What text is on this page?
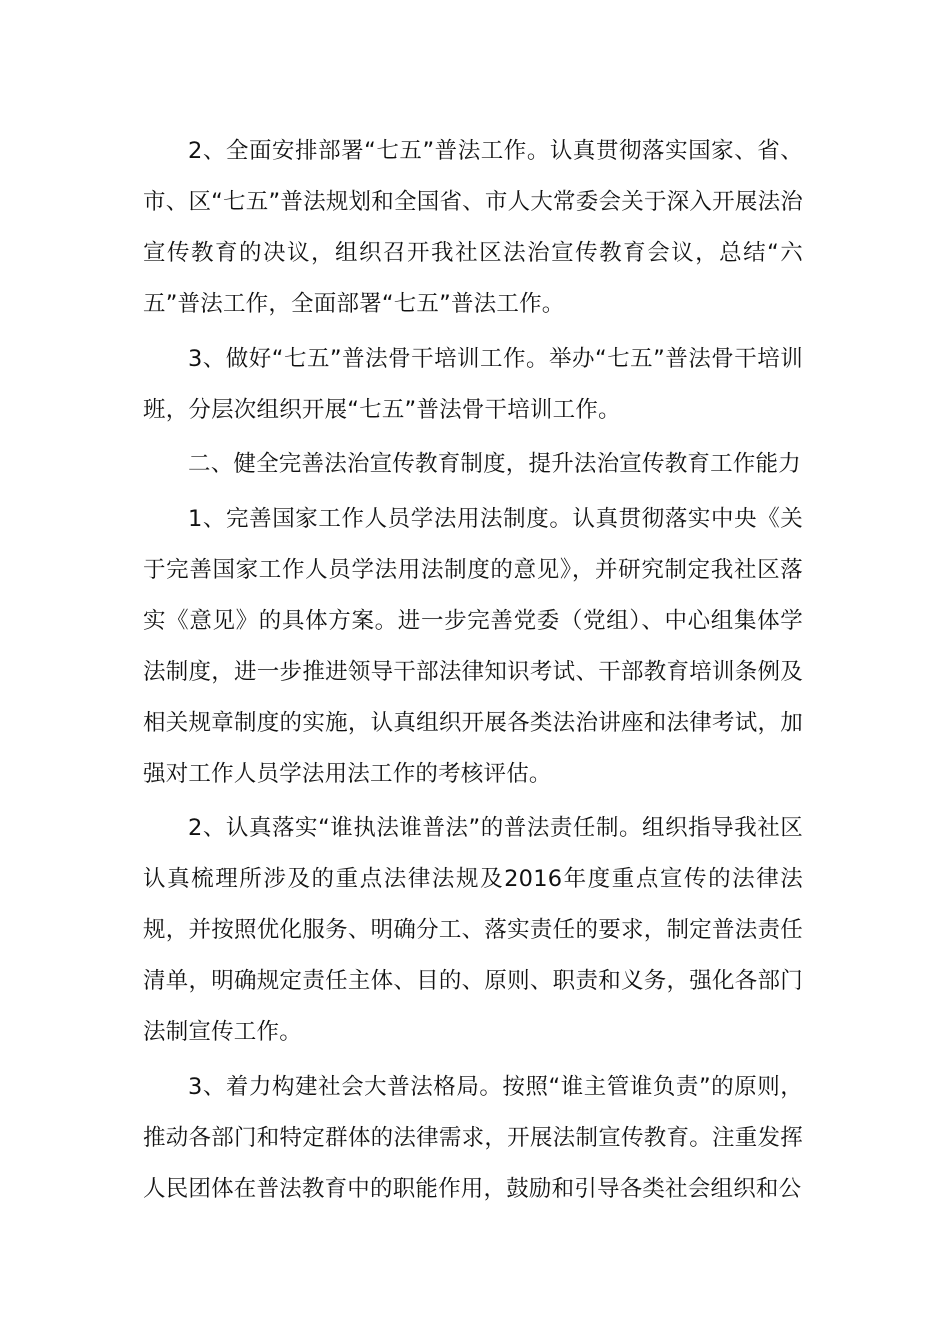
2、全面安排部署“七五”普法工作。认真贯彻落实国家、省、市、区“七五”普法规划和全国省、市人大常委会关于深入开展法治宣传教育的决议，组织召开我社区法治宣传教育会议，总结“六五”普法工作，全面部署“七五”普法工作。

3、做好“七五”普法骨干培训工作。举办“七五”普法骨干培训班，分层次组织开展“七五”普法骨干培训工作。

二、健全完善法治宣传教育制度，提升法治宣传教育工作能力

1、完善国家工作人员学法用法制度。认真贯彻落实中央《关于完善国家工作人员学法用法制度的意见》，并研究制定我社区落实《意见》的具体方案。进一步完善党委（党组）、中心组集体学法制度，进一步推进领导干部法律知识考试、干部教育培训条例及相关规章制度的实施，认真组织开展各类法治讲座和法律考试，加强对工作人员学法用法工作的考核评估。

2、认真落实“谁执法谁普法”的普法责任制。组织指导我社区认真梳理所涉及的重点法律法规及2016年度重点宣传的法律法规，并按照优化服务、明确分工、落实责任的要求，制定普法责任清单，明确规定责任主体、目的、原则、职责和义务，强化各部门法制宣传工作。

3、着力构建社会大普法格局。按照“谁主管谁负责”的原则，推动各部门和特定群体的法律需求，开展法制宣传教育。注重发挥人民团体在普法教育中的职能作用，鼓励和引导各类社会组织和公
